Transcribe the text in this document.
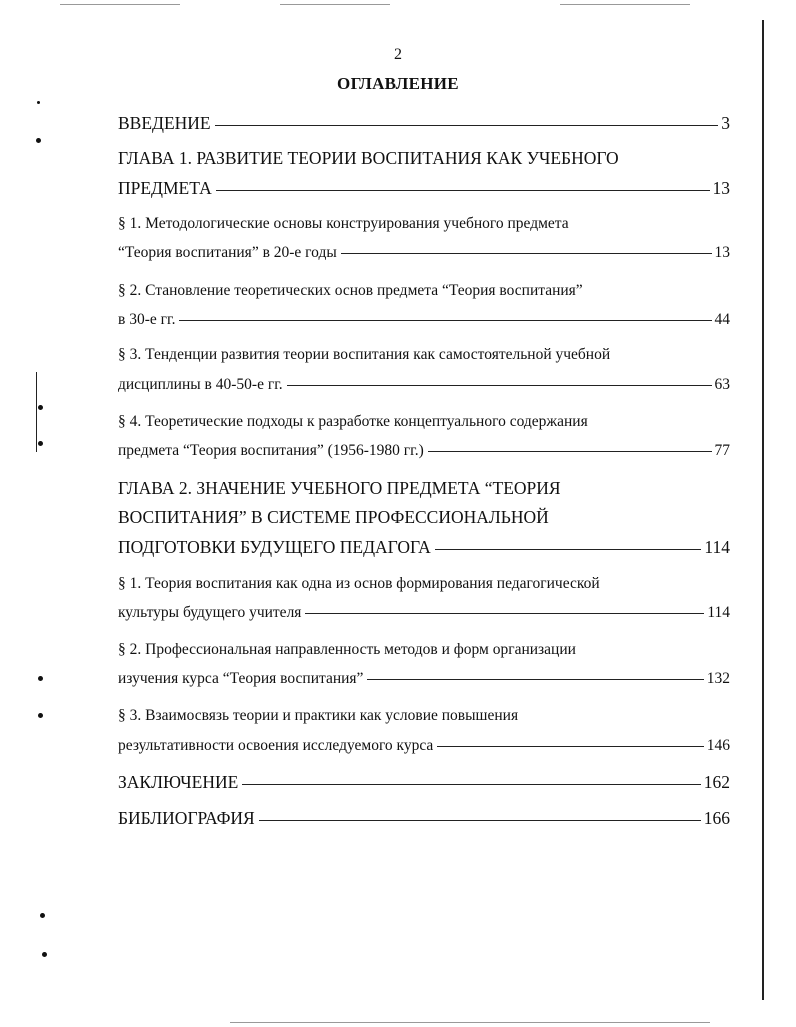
2
ОГЛАВЛЕНИЕ
ВВЕДЕНИЕ	3
ГЛАВА 1. РАЗВИТИЕ ТЕОРИИ ВОСПИТАНИЯ КАК УЧЕБНОГО
ПРЕДМЕТА	13
§ 1. Методологические основы конструирования учебного предмета
“Теория воспитания” в 20-е годы	13
§ 2. Становление теоретических основ предмета “Теория воспитания”
в 30-е гг.	44
§ 3. Тенденции развития теории воспитания как самостоятельной учебной
дисциплины в 40-50-е гг.	63
§ 4. Теоретические подходы к разработке концептуального содержания
предмета “Теория воспитания” (1956-1980 гг.)	77
ГЛАВА 2. ЗНАЧЕНИЕ УЧЕБНОГО ПРЕДМЕТА “ТЕОРИЯ
ВОСПИТАНИЯ” В СИСТЕМЕ ПРОФЕССИОНАЛЬНОЙ
ПОДГОТОВКИ БУДУЩЕГО ПЕДАГОГА	114
§ 1. Теория воспитания как одна из основ формирования педагогической
культуры будущего учителя	114
§ 2. Профессиональная направленность методов и форм организации
изучения курса “Теория воспитания”	132
§ 3. Взаимосвязь теории и практики как условие повышения
результативности освоения исследуемого курса	146
ЗАКЛЮЧЕНИЕ	162
БИБЛИОГРАФИЯ	166
